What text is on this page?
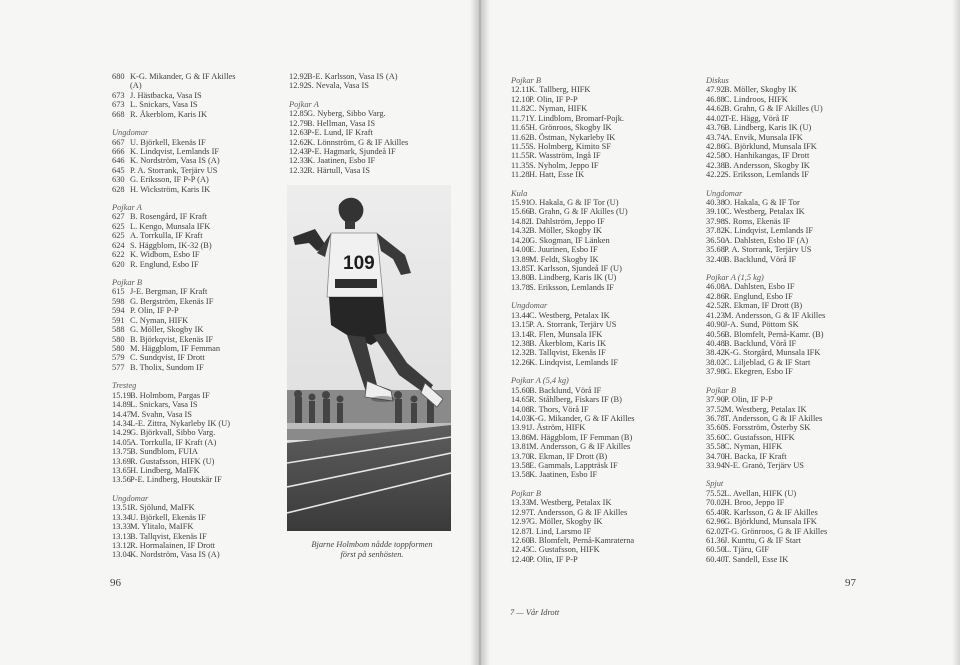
680 K-G. Mikander, G & IF Akilles
(A)
673 J. Hästbacka, Vasa IS
673 L. Snickars, Vasa IS
668 R. Åkerblom, Karis IK
Ungdomar
667 U. Björkell, Ekenäs IF
666 K. Lindqvist, Lemlands IF
646 K. Nordström, Vasa IS (A)
645 P. A. Storrank, Terjärv US
630 G. Eriksson, IF P-P (A)
628 H. Wickström, Karis IK
Pojkar A
627 B. Rosengård, IF Kraft
625 L. Kengo, Munsala IFK
625 A. Torrkulla, IF Kraft
624 S. Häggblom, IK-32 (B)
622 K. Widbom, Esbo IF
620 R. Englund, Esbo IF
Pojkar B
615 J-E. Bergman, IF Kraft
598 G. Bergström, Ekenäs IF
594 P. Olin, IF P-P
591 C. Nyman, HIFK
588 G. Möller, Skogby IK
580 B. Björkqvist, Ekenäs IF
580 M. Häggblom, IF Femman
579 C. Sundqvist, IF Drott
577 B. Tholix, Sundom IF
Tresteg
15.19B. Holmbom, Pargas IF
14.89L. Snickars, Vasa IS
14.47M. Svahn, Vasa IS
14.34L-E. Zittra, Nykarleby IK (U)
14.29G. Björkvall, Sibbo Varg.
14.05A. Torrkulla, IF Kraft (A)
13.75B. Sundblom, FUIA
13.69R. Gustafsson, HIFK (U)
13.65H. Lindberg, MaIFK
13.56P-E. Lindberg, Houtskär IF
Ungdomar
13.51R. Sjölund, MaIFK
13.34U. Björkell, Ekenäs IF
13.33M. Ylitalo, MaIFK
13.13B. Tallqvist, Ekenäs IF
13.12R. Hormalainen, IF Drott
13.04K. Nordström, Vasa IS (A)
12.92B-E. Karlsson, Vasa IS (A)
12.92S. Nevala, Vasa IS
Pojkar A
12.85G. Nyberg, Sibbo Varg.
12.79B. Hellman, Vasa IS
12.63P-E. Lund, IF Kraft
12.62K. Lönnström, G & IF Akilles
12.43P-E. Hagmark, Sjundeå IF
12.33K. Jaatinen, Esbo IF
12.32R. Härtull, Vasa IS
109
Bjarne Holmbom nådde toppformen
först på senhösten.
96
Pojkar B
12.11K. Tallberg, HIFK
12.10P. Olin, IF P-P
11.82C. Nyman, HIFK
11.71Y. Lindblom, Bromarf-Pojk.
11.65H. Grönroos, Skogby IK
11.62B. Östman, Nykarleby IK
11.55S. Holmberg, Kimito SF
11.55R. Wasström, Ingå IF
11.35S. Nyholm, Jeppo IF
11.28H. Hatt, Esse IK
Kula
15.91O. Hakala, G & IF Tor (U)
15.66B. Grahn, G & IF Akilles (U)
14.82I. Dahlström, Jeppo IF
14.32B. Möller, Skogby IK
14.20G. Skogman, IF Länken
14.00E. Juurinen, Esbo IF
13.89M. Feldt, Skogby IK
13.85T. Karlsson, Sjundeå IF (U)
13.80B. Lindberg, Karis IK (U)
13.78S. Eriksson, Lemlands IF
Ungdomar
13.44C. Westberg, Petalax IK
13.15P. A. Storrank, Terjärv US
13.14R. Flen, Munsala IFK
12.38B. Åkerblom, Karis IK
12.32B. Tallqvist, Ekenäs IF
12.26K. Lindqvist, Lemlands IF
Pojkar A (5,4 kg)
15.60B. Backlund, Vörå IF
14.65R. Ståhlberg, Fiskars IF (B)
14.08R. Thors, Vörå IF
14.03K-G. Mikander, G & IF Akilles
13.91J. Åström, HIFK
13.86M. Häggblom, IF Femman (B)
13.81M. Andersson, G & IF Akilles
13.70R. Ekman, IF Drott (B)
13.58E. Gammals, Lappträsk IF
13.58K. Jaatinen, Esbo IF
Pojkar B
13.33M. Westberg, Petalax IK
12.97T. Andersson, G & IF Akilles
12.97G. Möller, Skogby IK
12.87I. Lind, Larsmo IF
12.60B. Blomfelt, Pernå-Kamraterna
12.45C. Gustafsson, HIFK
12.40P. Olin, IF P-P
Diskus
47.92B. Möller, Skogby IK
46.88C. Lindroos, HIFK
44.62B. Grahn, G & IF Akilles (U)
44.02T-E. Hägg, Vörå IF
43.76B. Lindberg, Karis IK (U)
43.74A. Envik, Munsala IFK
42.86G. Björklund, Munsala IFK
42.58O. Hanhikangas, IF Drott
42.38B. Andersson, Skogby IK
42.22S. Eriksson, Lemlands IF
Ungdomar
40.38O. Hakala, G & IF Tor
39.10C. Westberg, Petalax IK
37.98S. Roms, Ekenäs IF
37.82K. Lindqvist, Lemlands IF
36.50A. Dahlsten, Esbo IF (A)
35.68P. A. Storrank, Terjärv US
32.40B. Backlund, Vörå IF
Pojkar A (1,5 kg)
46.08A. Dahlsten, Esbo IF
42.86R. Englund, Esbo IF
42.52R. Ekman, IF Drott (B)
41.23M. Andersson, G & IF Akilles
40.90J-A. Sund, Pöttom SK
40.56B. Blomfelt, Pernå-Kamr. (B)
40.48B. Backlund, Vörå IF
38.42K-G. Storgård, Munsala IFK
38.02C. Liljeblad, G & IF Start
37.98G. Ekegren, Esbo IF
Pojkar B
37.90P. Olin, IF P-P
37.52M. Westberg, Petalax IK
36.78T. Andersson, G & IF Akilles
35.60S. Forsström, Österby SK
35.60C. Gustafsson, HIFK
35.58C. Nyman, HIFK
34.70H. Backa, IF Kraft
33.94N-E. Granö, Terjärv US
Spjut
75.52L. Avellan, HIFK (U)
70.02H. Broo, Jeppo IF
65.40R. Karlsson, G & IF Akilles
62.96G. Björklund, Munsala IFK
62.02T-G. Grönroos, G & IF Akilles
61.36J. Kunttu, G & IF Start
60.50L. Tjäru, GIF
60.40T. Sandell, Esse IK
97
7 — Vår Idrott
